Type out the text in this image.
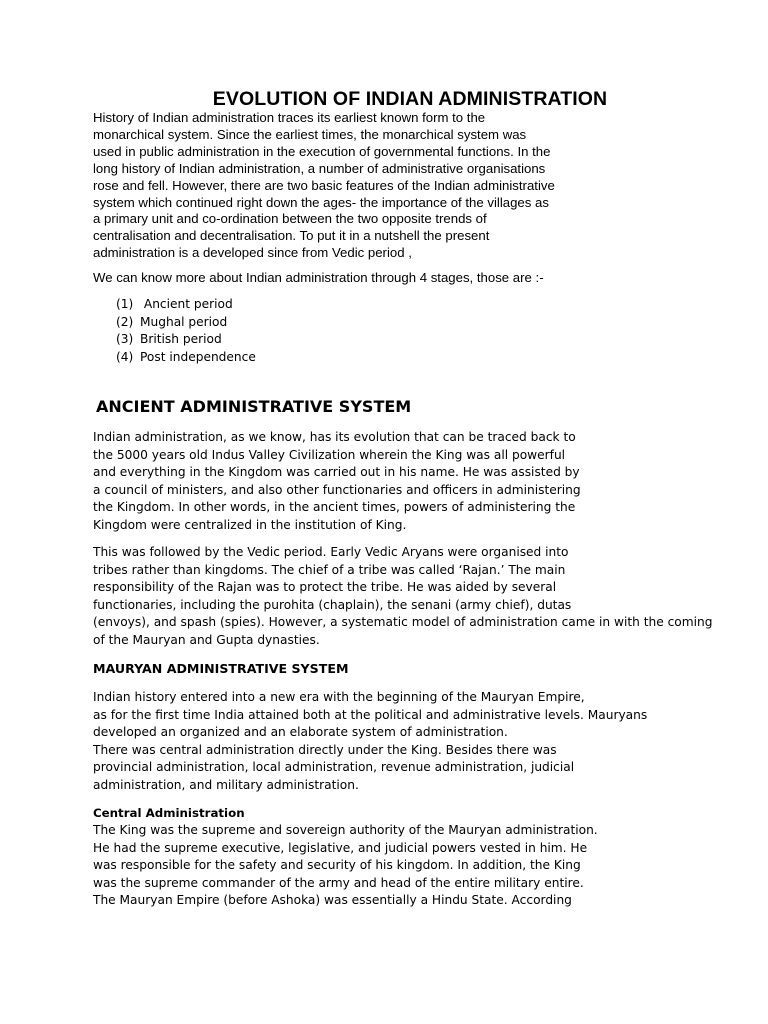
EVOLUTION OF INDIAN ADMINISTRATION
History of Indian administration traces its earliest known form to the
monarchical system. Since the earliest times, the monarchical system was
used in public administration in the execution of governmental functions. In the
long history of Indian administration, a number of administrative organisations
rose and fell. However, there are two basic features of the Indian administrative
system which continued right down the ages- the importance of the villages as
a primary unit and co-ordination between the two opposite trends of
centralisation and decentralisation. To put it in a nutshell the present
administration is a developed since from Vedic period ,
We can know more about Indian administration through 4 stages, those are :-
(1) Ancient period
(2) Mughal period
(3) British period
(4) Post independence
ANCIENT ADMINISTRATIVE SYSTEM
Indian administration, as we know, has its evolution that can be traced back to
the 5000 years old Indus Valley Civilization wherein the King was all powerful
and everything in the Kingdom was carried out in his name. He was assisted by
a council of ministers, and also other functionaries and officers in administering
the Kingdom. In other words, in the ancient times, powers of administering the
Kingdom were centralized in the institution of King.
This was followed by the Vedic period. Early Vedic Aryans were organised into
tribes rather than kingdoms. The chief of a tribe was called ‘Rajan.’ The main
responsibility of the Rajan was to protect the tribe. He was aided by several
functionaries, including the purohita (chaplain), the senani (army chief), dutas
(envoys), and spash (spies). However, a systematic model of administration came in with the coming
of the Mauryan and Gupta dynasties.
MAURYAN ADMINISTRATIVE SYSTEM
Indian history entered into a new era with the beginning of the Mauryan Empire,
as for the first time India attained both at the political and administrative levels. Mauryans
developed an organized and an elaborate system of administration.
There was central administration directly under the King. Besides there was
provincial administration, local administration, revenue administration, judicial
administration, and military administration.
Central Administration
The King was the supreme and sovereign authority of the Mauryan administration.
He had the supreme executive, legislative, and judicial powers vested in him. He
was responsible for the safety and security of his kingdom. In addition, the King
was the supreme commander of the army and head of the entire military entire.
The Mauryan Empire (before Ashoka) was essentially a Hindu State. According
